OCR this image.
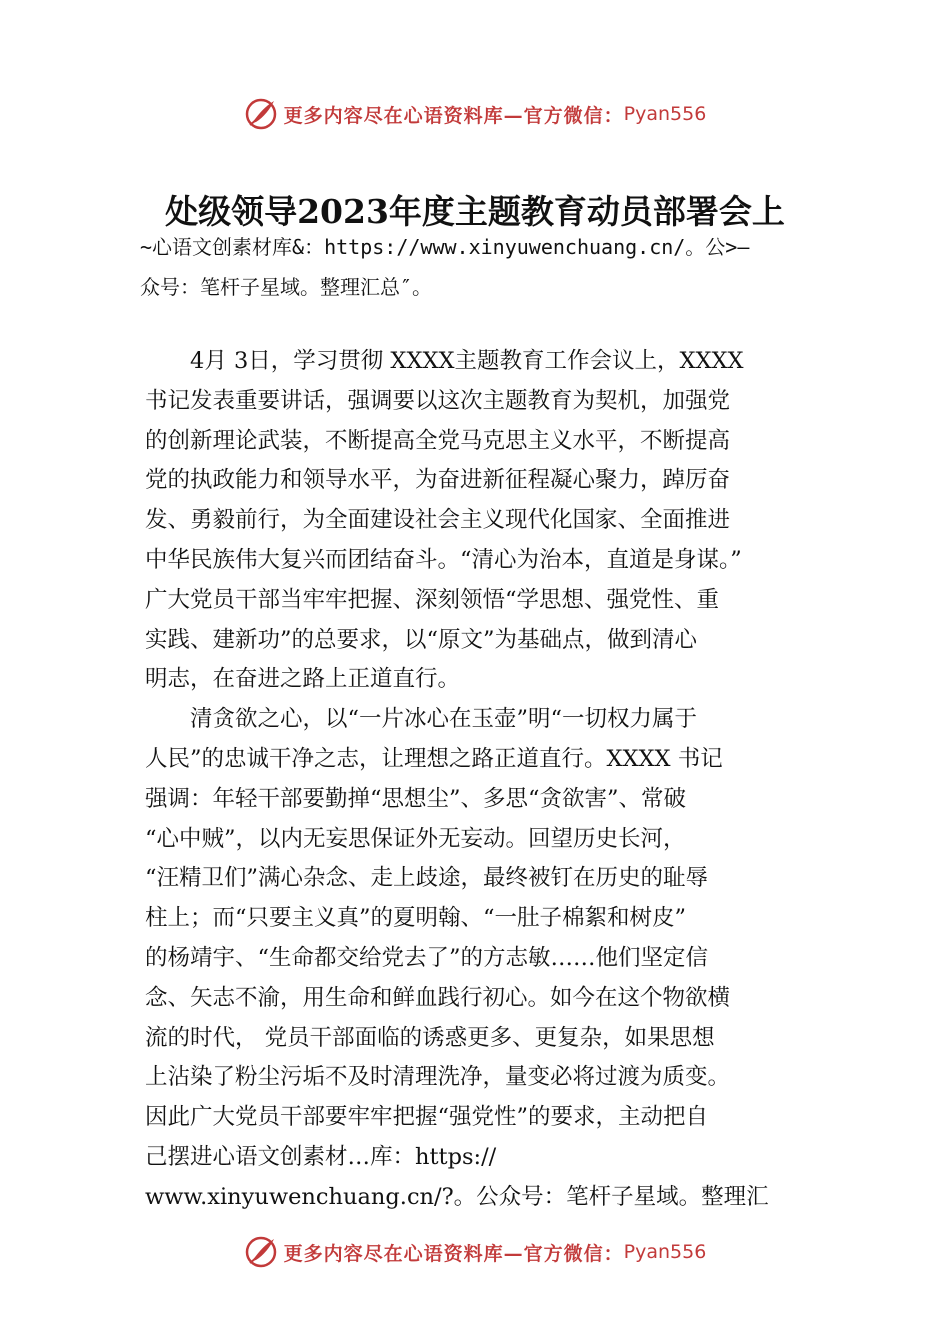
更多内容尽在心语资料库—官方微信： Pyan556
处级领导2023年度主题教育动员部署会上
~心语文创素材库&：https://www.xinyuwenchuang.cn/。公>—
众号：笔杆子星域。整理汇总″。
4月 3日，学习贯彻 XXXX主题教育工作会议上，XXXX
书记发表重要讲话，强调要以这次主题教育为契机，加强党
的创新理论武装，不断提高全党马克思主义水平，不断提高
党的执政能力和领导水平，为奋进新征程凝心聚力，踔厉奋
发、勇毅前行，为全面建设社会主义现代化国家、全面推进
中华民族伟大复兴而团结奋斗。“清心为治本，直道是身谋。”
广大党员干部当牢牢把握、深刻领悟“学思想、强党性、重
实践、建新功”的总要求，以“原文”为基础点，做到清心
明志，在奋进之路上正道直行。
清贪欲之心，以“一片冰心在玉壶”明“一切权力属于
人民”的忠诚干净之志，让理想之路正道直行。XXXX 书记
强调：年轻干部要勤掸“思想尘”、多思“贪欲害”、常破
“心中贼”，以内无妄思保证外无妄动。回望历史长河，
“汪精卫们”满心杂念、走上歧途，最终被钉在历史的耻辱
柱上；而“只要主义真”的夏明翰、“一肚子棉絮和树皮”
的杨靖宇、“生命都交给党去了”的方志敏……他们坚定信
念、矢志不渝，用生命和鲜血践行初心。如今在这个物欲横
流的时代， 党员干部面临的诱惑更多、更复杂，如果思想
上沾染了粉尘污垢不及时清理洗净，量变必将过渡为质变。
因此广大党员干部要牢牢把握“强党性”的要求，主动把自
己摆进心语文创素材…库：https://
www.xinyuwenchuang.cn/?。公众号：笔杆子星域。整理汇
更多内容尽在心语资料库—官方微信： Pyan556
